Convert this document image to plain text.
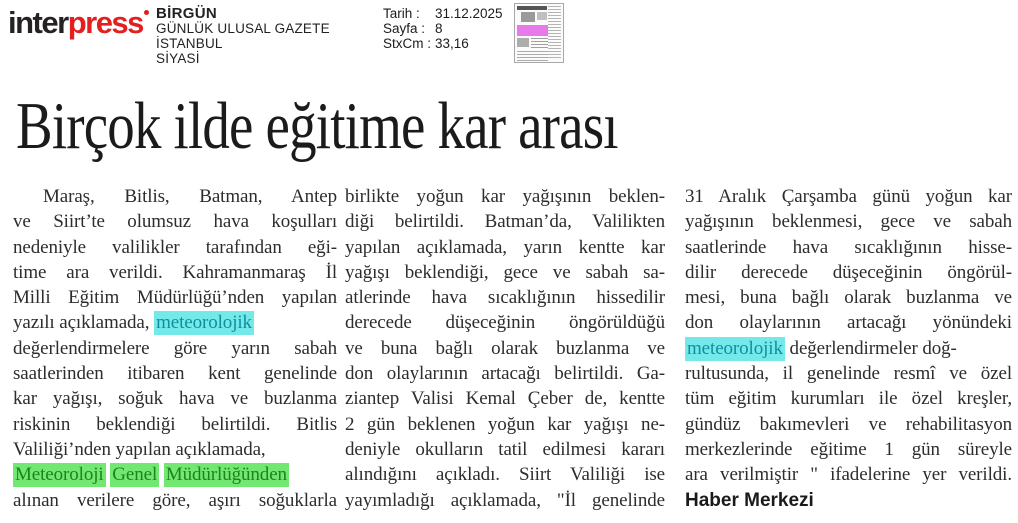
interpress BİRGÜN
GÜNLÜK ULUSAL GAZETE
İSTANBUL
SİYASİ
Tarih :	31.12.2025
Sayfa : 8
StxCm : 33,16
Birçok ilde eğitime kar arası
Maraş, Bitlis, Batman, Antep
ve Siirt’te olumsuz hava koşulları
nedeniyle valilikler tarafından eği-
time ara verildi. Kahramanmaraş İl
Milli Eğitim Müdürlüğü’nden yapılan
yazılı açıklamada, meteorolojik
değerlendirmelere göre yarın sabah
saatlerinden itibaren kent genelinde
kar yağışı, soğuk hava ve buzlanma
riskinin beklendiği belirtildi. Bitlis
Valiliği’nden yapılan açıklamada,
Meteoroloji Genel Müdürlüğünden
alınan verilere göre, aşırı soğuklarla
birlikte yoğun kar yağışının beklen-
diği belirtildi. Batman’da, Valilikten
yapılan açıklamada, yarın kentte kar
yağışı beklendiği, gece ve sabah sa-
atlerinde hava sıcaklığının hissedilir
derecede düşeceğinin öngörüldüğü
ve buna bağlı olarak buzlanma ve
don olaylarının artacağı belirtildi. Ga-
ziantep Valisi Kemal Çeber de, kentte
2 gün beklenen yoğun kar yağışı ne-
deniyle okulların tatil edilmesi kararı
alındığını açıkladı. Siirt Valiliği ise
yayımladığı açıklamada, "İl genelinde
31 Aralık Çarşamba günü yoğun kar
yağışının beklenmesi, gece ve sabah
saatlerinde hava sıcaklığının hisse-
dilir derecede düşeceğinin öngörül-
mesi, buna bağlı olarak buzlanma ve
don olaylarının artacağı yönündeki
meteorolojik değerlendirmeler doğ-
rultusunda, il genelinde resmî ve özel
tüm eğitim kurumları ile özel kreşler,
gündüz bakımevleri ve rehabilitasyon
merkezlerinde eğitime 1 gün süreyle
ara verilmiştir " ifadelerine yer verildi.
Haber Merkezi
